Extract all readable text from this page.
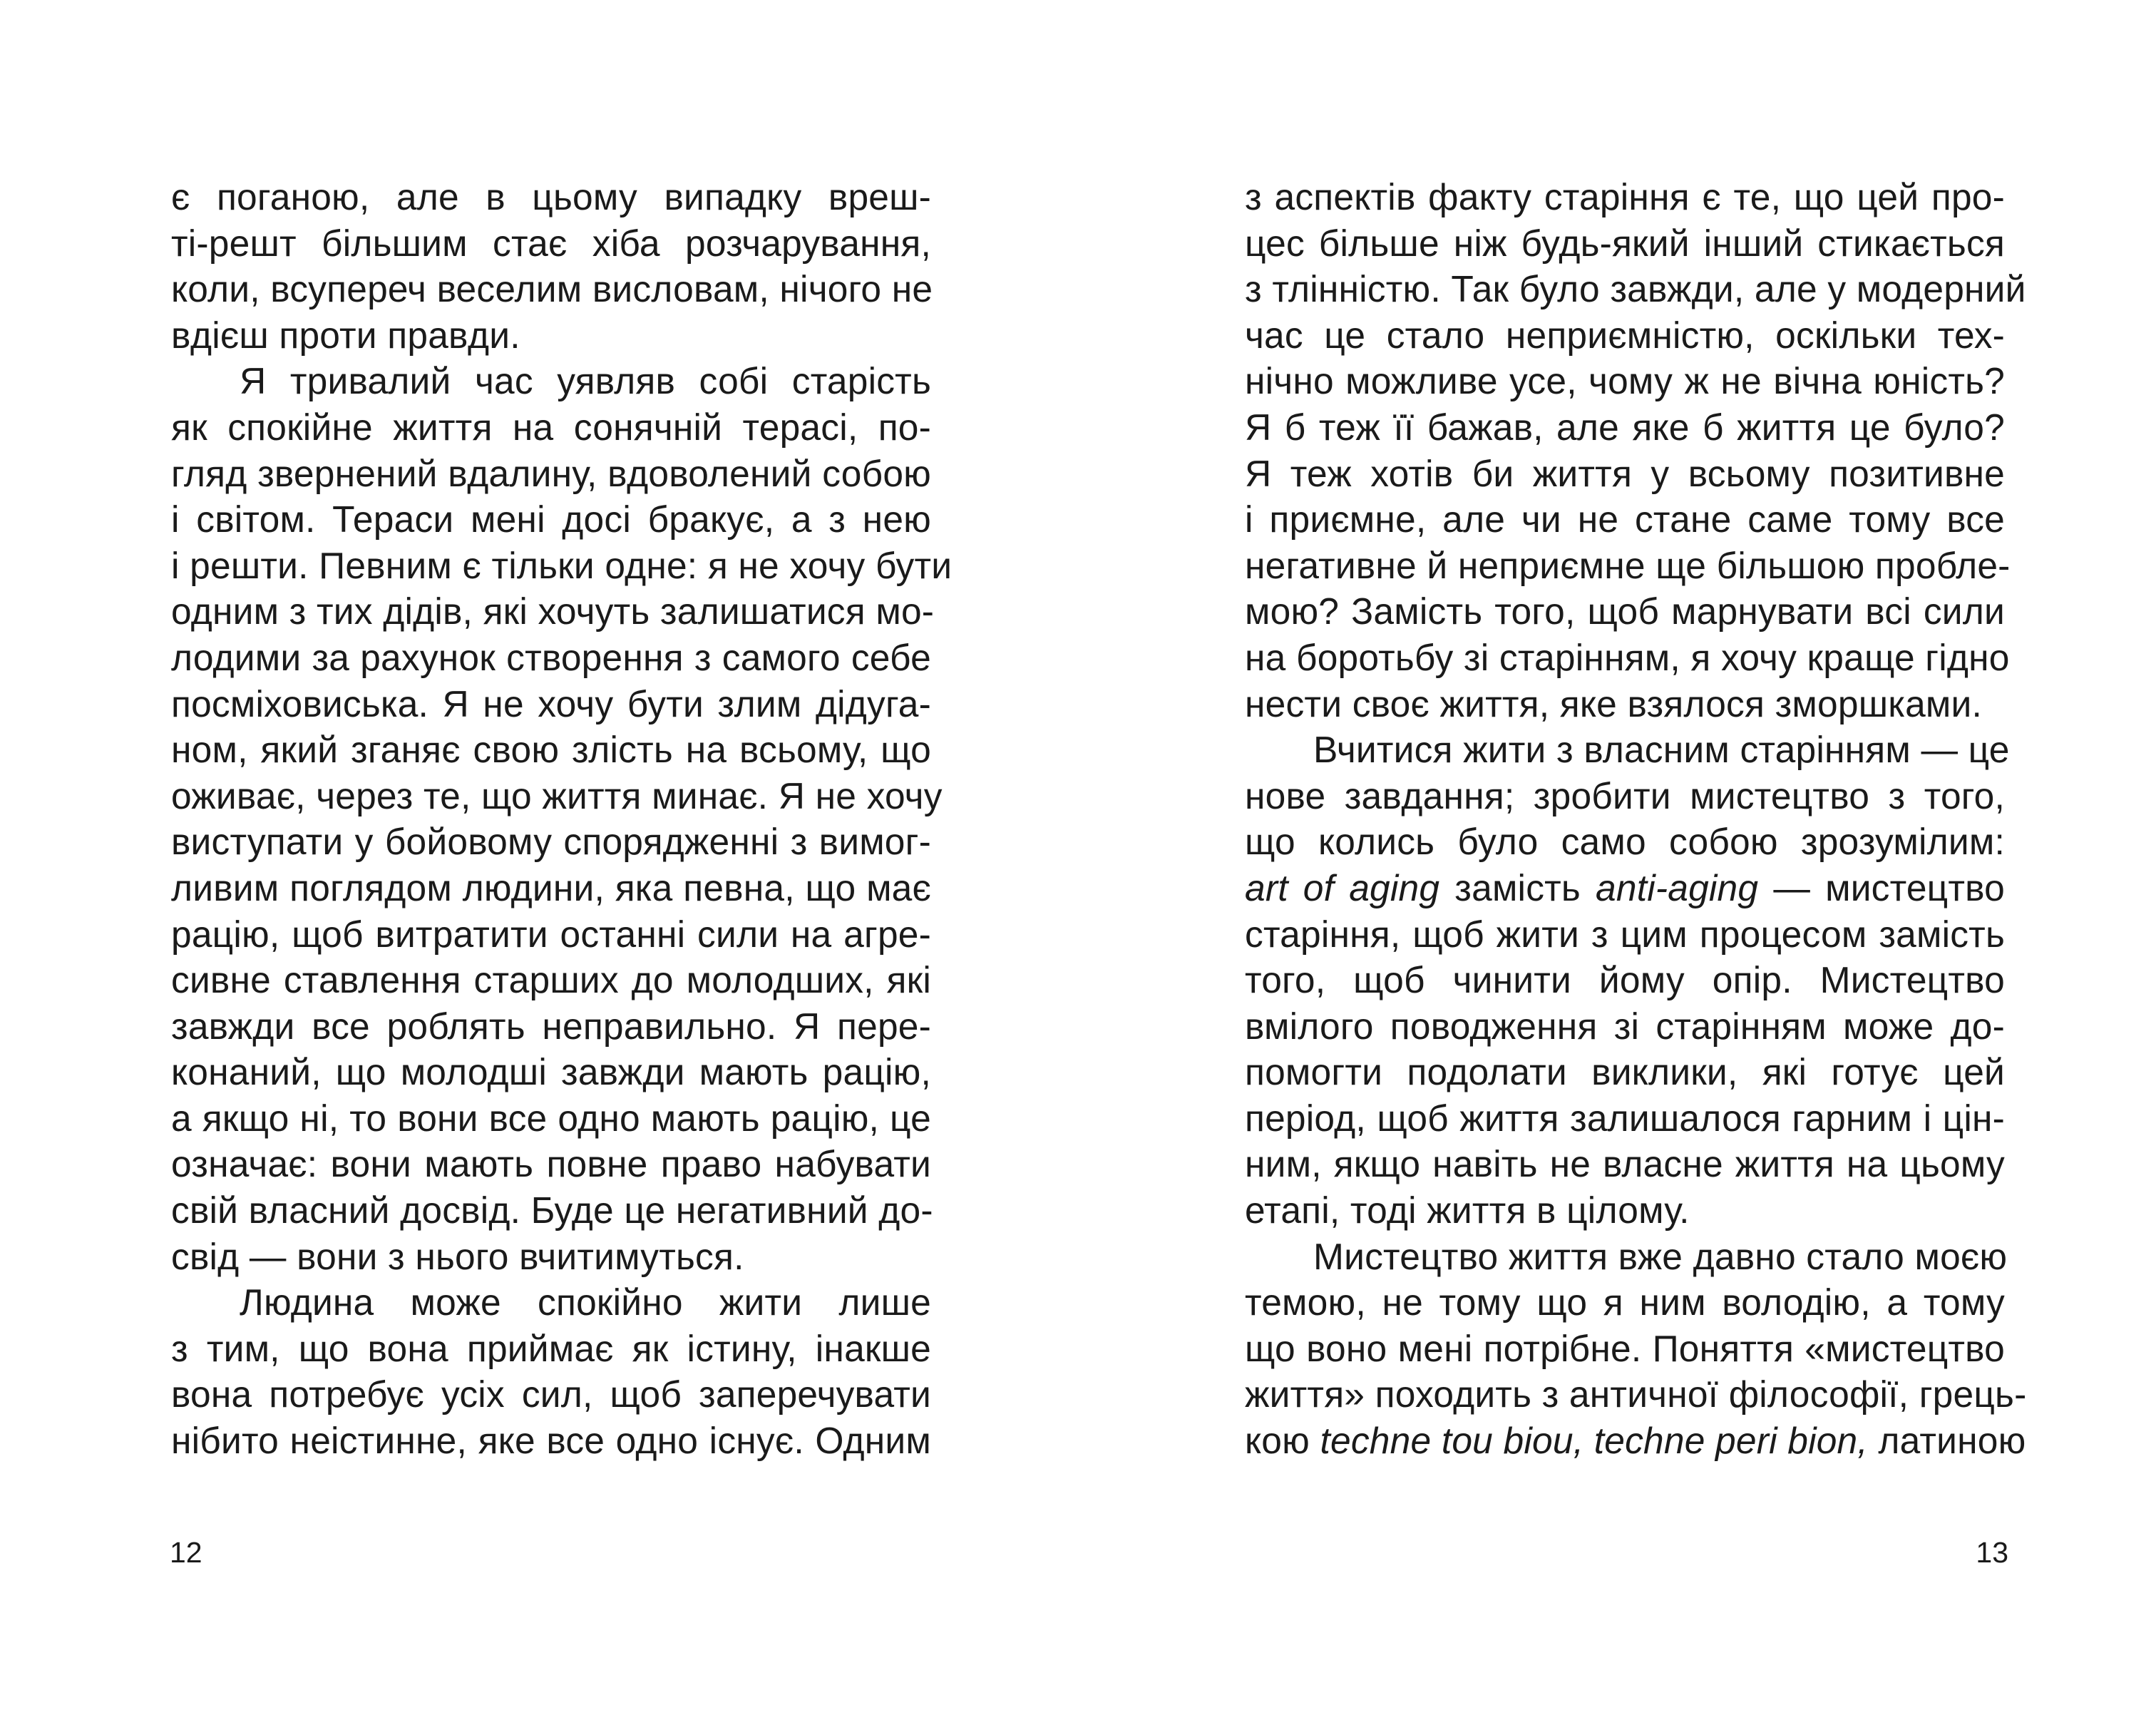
є поганою, але в цьому випадку вреш-
ті-решт більшим стає хіба розчарування,
коли, всупереч веселим висловам, нічого не
вдієш проти правди.
Я тривалий час уявляв собі старість
як спокійне життя на сонячній терасі, по-
гляд звернений вдалину, вдоволений собою
і світом. Тераси мені досі бракує, а з нею
і решти. Певним є тільки одне: я не хочу бути
одним з тих дідів, які хочуть залишатися мо-
лодими за рахунок створення з самого себе
посміховиська. Я не хочу бути злим дідуга-
ном, який зганяє свою злість на всьому, що
оживає, через те, що життя минає. Я не хочу
виступати у бойовому спорядженні з вимог-
ливим поглядом людини, яка певна, що має
рацію, щоб витратити останні сили на агре-
сивне ставлення старших до молодших, які
завжди все роблять неправильно. Я пере-
конаний, що молодші завжди мають рацію,
а якщо ні, то вони все одно мають рацію, це
означає: вони мають повне право набувати
свій власний досвід. Буде це негативний до-
свід — вони з нього вчитимуться.
Людина може спокійно жити лише
з тим, що вона приймає як істину, інакше
вона потребує усіх сил, щоб заперечувати
нібито неістинне, яке все одно існує. Одним
12
з аспектів факту старіння є те, що цей про-
цес більше ніж будь-який інший стикається
з тлінністю. Так було завжди, але у модерний
час це стало неприємністю, оскільки тех-
нічно можливе усе, чому ж не вічна юність?
Я б теж її бажав, але яке б життя це було?
Я теж хотів би життя у всьому позитивне
і приємне, але чи не стане саме тому все
негативне й неприємне ще більшою пробле-
мою? Замість того, щоб марнувати всі сили
на боротьбу зі старінням, я хочу краще гідно
нести своє життя, яке взялося зморшками.
Вчитися жити з власним старінням — це
нове завдання; зробити мистецтво з того,
що колись було само собою зрозумілим:
art of aging замість anti-aging — мистецтво
старіння, щоб жити з цим процесом замість
того, щоб чинити йому опір. Мистецтво
вмілого поводження зі старінням може до-
помогти подолати виклики, які готує цей
період, щоб життя залишалося гарним і цін-
ним, якщо навіть не власне життя на цьому
етапі, тоді життя в цілому.
Мистецтво життя вже давно стало моєю
темою, не тому що я ним володію, а тому
що воно мені потрібне. Поняття «мистецтво
життя» походить з античної філософії, грець-
кою techne tou biou, techne peri bion, латиною
13
